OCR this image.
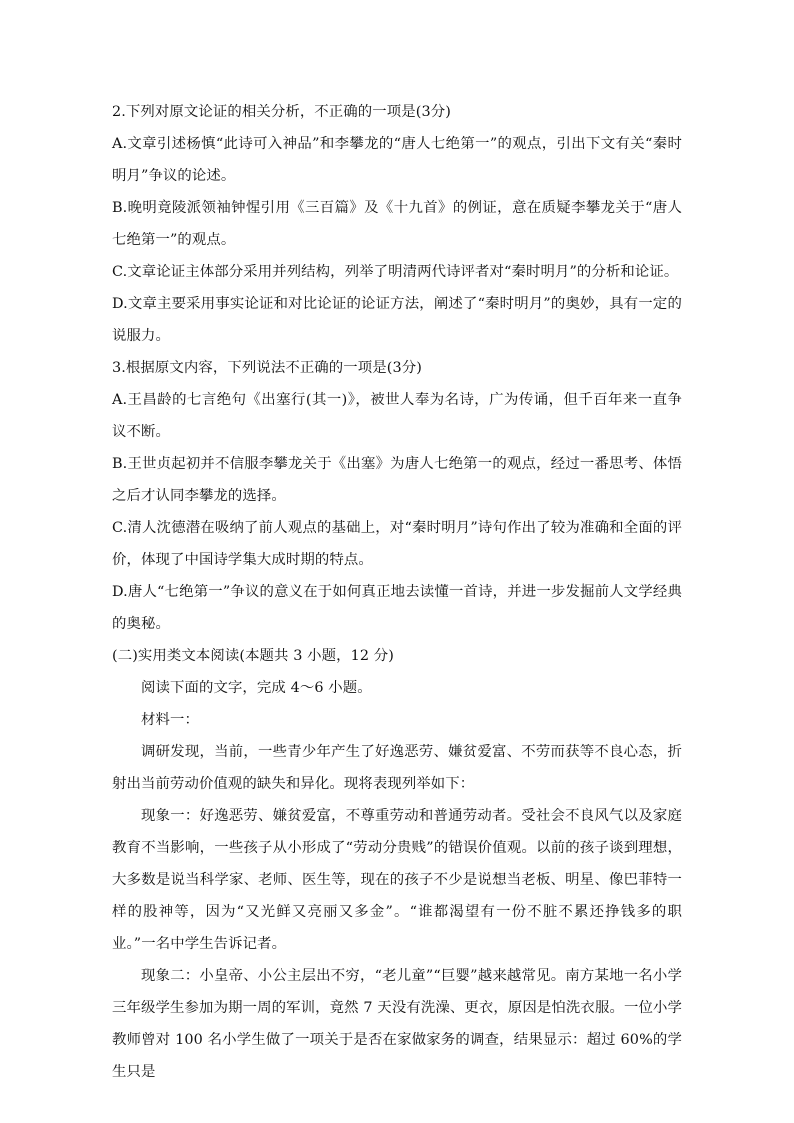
2.下列对原文论证的相关分析，不正确的一项是(3分)

A.文章引述杨慎“此诗可入神品”和李攀龙的“唐人七绝第一”的观点，引出下文有关“秦时明月”争议的论述。

B.晚明竟陵派领袖钟惺引用《三百篇》及《十九首》的例证，意在质疑李攀龙关于“唐人七绝第一”的观点。

C.文章论证主体部分采用并列结构，列举了明清两代诗评者对“秦时明月”的分析和论证。

D.文章主要采用事实论证和对比论证的论证方法，阐述了“秦时明月”的奥妙，具有一定的说服力。

3.根据原文内容，下列说法不正确的一项是(3分)

A.王昌龄的七言绝句《出塞行(其一)》，被世人奉为名诗，广为传诵，但千百年来一直争议不断。

B.王世贞起初并不信服李攀龙关于《出塞》为唐人七绝第一的观点，经过一番思考、体悟之后才认同李攀龙的选择。

C.清人沈德潜在吸纳了前人观点的基础上，对“秦时明月”诗句作出了较为准确和全面的评价，体现了中国诗学集大成时期的特点。

D.唐人“七绝第一”争议的意义在于如何真正地去读懂一首诗，并进一步发掘前人文学经典的奥秘。

(二)实用类文本阅读(本题共 3 小题，12 分)

阅读下面的文字，完成 4～6 小题。

材料一：

调研发现，当前，一些青少年产生了好逸恶劳、嫌贫爱富、不劳而获等不良心态，折射出当前劳动价值观的缺失和异化。现将表现列举如下：

现象一：好逸恶劳、嫌贫爱富，不尊重劳动和普通劳动者。受社会不良风气以及家庭教育不当影响，一些孩子从小形成了“劳动分贵贱”的错误价值观。以前的孩子谈到理想，大多数是说当科学家、老师、医生等，现在的孩子不少是说想当老板、明星、像巴菲特一样的股神等，因为“又光鲜又亮丽又多金”。“谁都渴望有一份不脏不累还挣钱多的职业。”一名中学生告诉记者。

现象二：小皇帝、小公主层出不穷，“老儿童”“巨婴”越来越常见。南方某地一名小学三年级学生参加为期一周的军训，竟然 7 天没有洗澡、更衣，原因是怕洗衣服。一位小学教师曾对 100 名小学生做了一项关于是否在家做家务的调查，结果显示：超过 60%的学生只是
